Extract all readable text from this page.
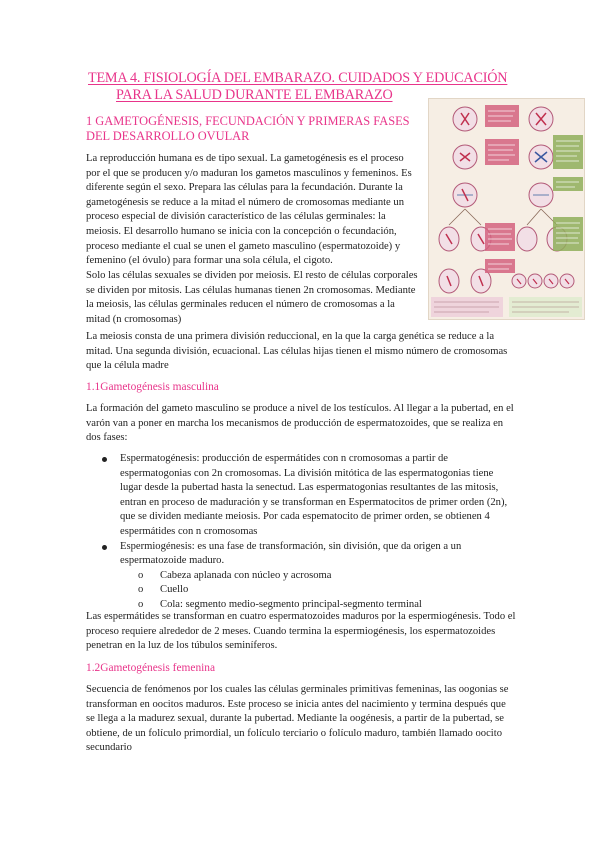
TEMA 4. FISIOLOGÍA DEL EMBARAZO. CUIDADOS Y EDUCACIÓN
PARA LA SALUD DURANTE EL EMBARAZO
1 GAMETOGÉNESIS, FECUNDACIÓN Y PRIMERAS FASES DEL DESARROLLO OVULAR
La reproducción humana es de tipo sexual. La gametogénesis es el proceso por el que se producen y/o maduran los gametos masculinos y femeninos. Es diferente según el sexo. Prepara las células para la fecundación. Durante la gametogénesis se reduce a la mitad el número de cromosomas mediante un proceso especial de división característico de las células germinales: la meiosis. El desarrollo humano se inicia con la concepción o fecundación, proceso mediante el cual se unen el gameto masculino (espermatozoide) y femenino (el óvulo) para formar una sola célula, el cigoto.
Solo las células sexuales se dividen por meiosis. El resto de células corporales se dividen por mitosis. Las células humanas tienen 2n cromosomas. Mediante la meiosis, las células germinales reducen el número de cromosomas a la mitad (n cromosomas)
La meiosis consta de una primera división reduccional, en la que la carga genética se reduce a la mitad. Una segunda división, ecuacional. Las células hijas tienen el mismo número de cromosomas que la célula madre
1.1Gametogénesis masculina
La formación del gameto masculino se produce a nivel de los testículos. Al llegar a la pubertad, en el varón van a poner en marcha los mecanismos de producción de espermatozoides, que se realiza en dos fases:
Espermatogénesis: producción de espermátides con n cromosomas a partir de espermatogonias con 2n cromosomas. La división mitótica de las espermatogonias tiene lugar desde la pubertad hasta la senectud. Las espermatogonias resultantes de las mitosis, entran en proceso de maduración y se transforman en Espermatocitos de primer orden (2n), que se dividen mediante meiosis. Por cada espematocito de primer orden, se obtienen 4 espermátides con n cromosomas
Espermiogénesis: es una fase de transformación, sin división, que da origen a un espermatozoide maduro.
o Cabeza aplanada con núcleo y acrosoma
o Cuello
o Cola: segmento medio-segmento principal-segmento terminal
Las espermátides se transforman en cuatro espermatozoides maduros por la espermiogénesis. Todo el proceso requiere alrededor de 2 meses. Cuando termina la espermiogénesis, los espermatozoides penetran en la luz de los túbulos seminíferos.
1.2Gametogénesis femenina
Secuencia de fenómenos por los cuales las células germinales primitivas femeninas, las oogonias se transforman en oocitos maduros. Este proceso se inicia antes del nacimiento y termina después que se llega a la madurez sexual, durante la pubertad. Mediante la oogénesis, a partir de la pubertad, se obtiene, de un folículo primordial, un folículo terciario o folículo maduro, también llamado oocito secundario
